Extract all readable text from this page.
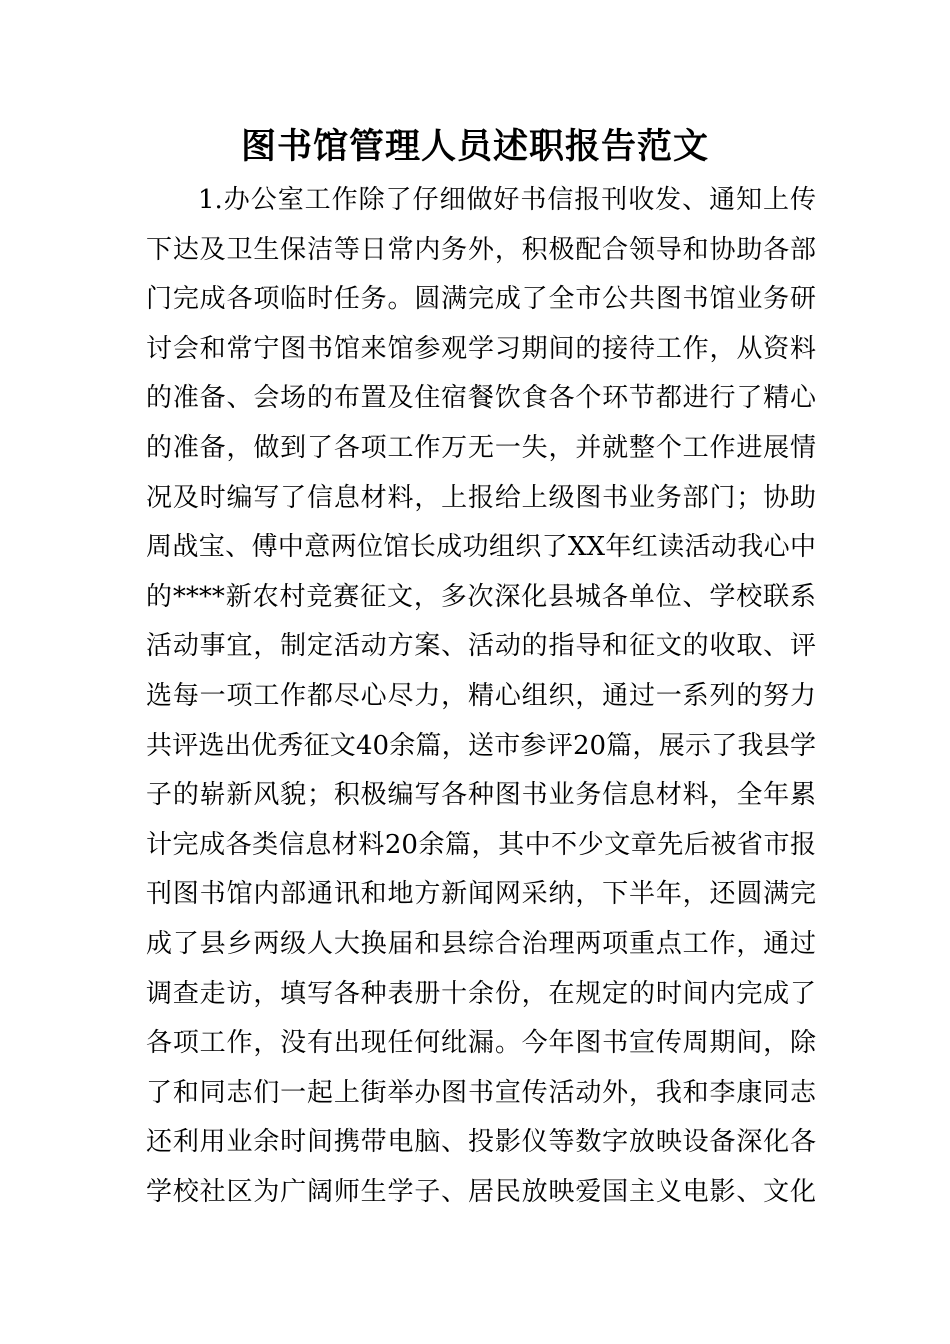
图书馆管理人员述职报告范文
1.办公室工作除了仔细做好书信报刊收发、通知上传
下达及卫生保洁等日常内务外，积极配合领导和协助各部
门完成各项临时任务。圆满完成了全市公共图书馆业务研
讨会和常宁图书馆来馆参观学习期间的接待工作，从资料
的准备、会场的布置及住宿餐饮食各个环节都进行了精心
的准备，做到了各项工作万无一失，并就整个工作进展情
况及时编写了信息材料，上报给上级图书业务部门；协助
周战宝、傅中意两位馆长成功组织了XX年红读活动我心中
的****新农村竞赛征文，多次深化县城各单位、学校联系
活动事宜，制定活动方案、活动的指导和征文的收取、评
选每一项工作都尽心尽力，精心组织，通过一系列的努力
共评选出优秀征文40余篇，送市参评20篇，展示了我县学
子的崭新风貌；积极编写各种图书业务信息材料，全年累
计完成各类信息材料20余篇，其中不少文章先后被省市报
刊图书馆内部通讯和地方新闻网采纳，下半年，还圆满完
成了县乡两级人大换届和县综合治理两项重点工作，通过
调查走访，填写各种表册十余份，在规定的时间内完成了
各项工作，没有出现任何纰漏。今年图书宣传周期间，除
了和同志们一起上街举办图书宣传活动外，我和李康同志
还利用业余时间携带电脑、投影仪等数字放映设备深化各
学校社区为广阔师生学子、居民放映爱国主义电影、文化
